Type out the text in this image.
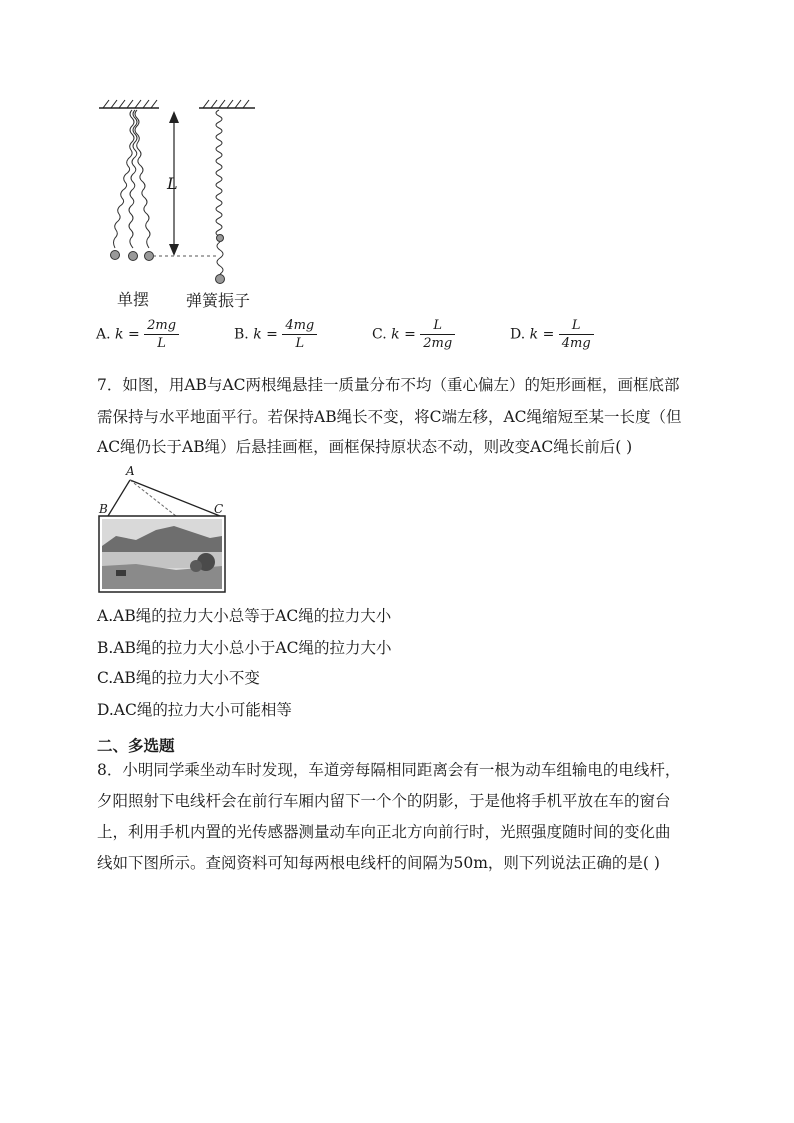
L
单摆 弹簧振子
A. $k = \frac{2mg}{L}$	B. $k = \frac{4mg}{L}$	C. $k = \frac{L}{2mg}$	D. $k = \frac{L}{4mg}$
7．如图，用AB与AC两根绳悬挂一质量分布不均（重心偏左）的矩形画框，画框底部
需保持与水平地面平行。若保持AB绳长不变，将C端左移，AC绳缩短至某一长度（但
AC绳仍长于AB绳）后悬挂画框，画框保持原状态不动，则改变AC绳长前后( )
A
B	C
A.AB绳的拉力大小总等于AC绳的拉力大小
B.AB绳的拉力大小总小于AC绳的拉力大小
C.AB绳的拉力大小不变
D.AC绳的拉力大小可能相等
二、多选题
8．小明同学乘坐动车时发现，车道旁每隔相同距离会有一根为动车组输电的电线杆，
夕阳照射下电线杆会在前行车厢内留下一个个的阴影，于是他将手机平放在车的窗台
上，利用手机内置的光传感器测量动车向正北方向前行时，光照强度随时间的变化曲
线如下图所示。查阅资料可知每两根电线杆的间隔为50m，则下列说法正确的是( )
